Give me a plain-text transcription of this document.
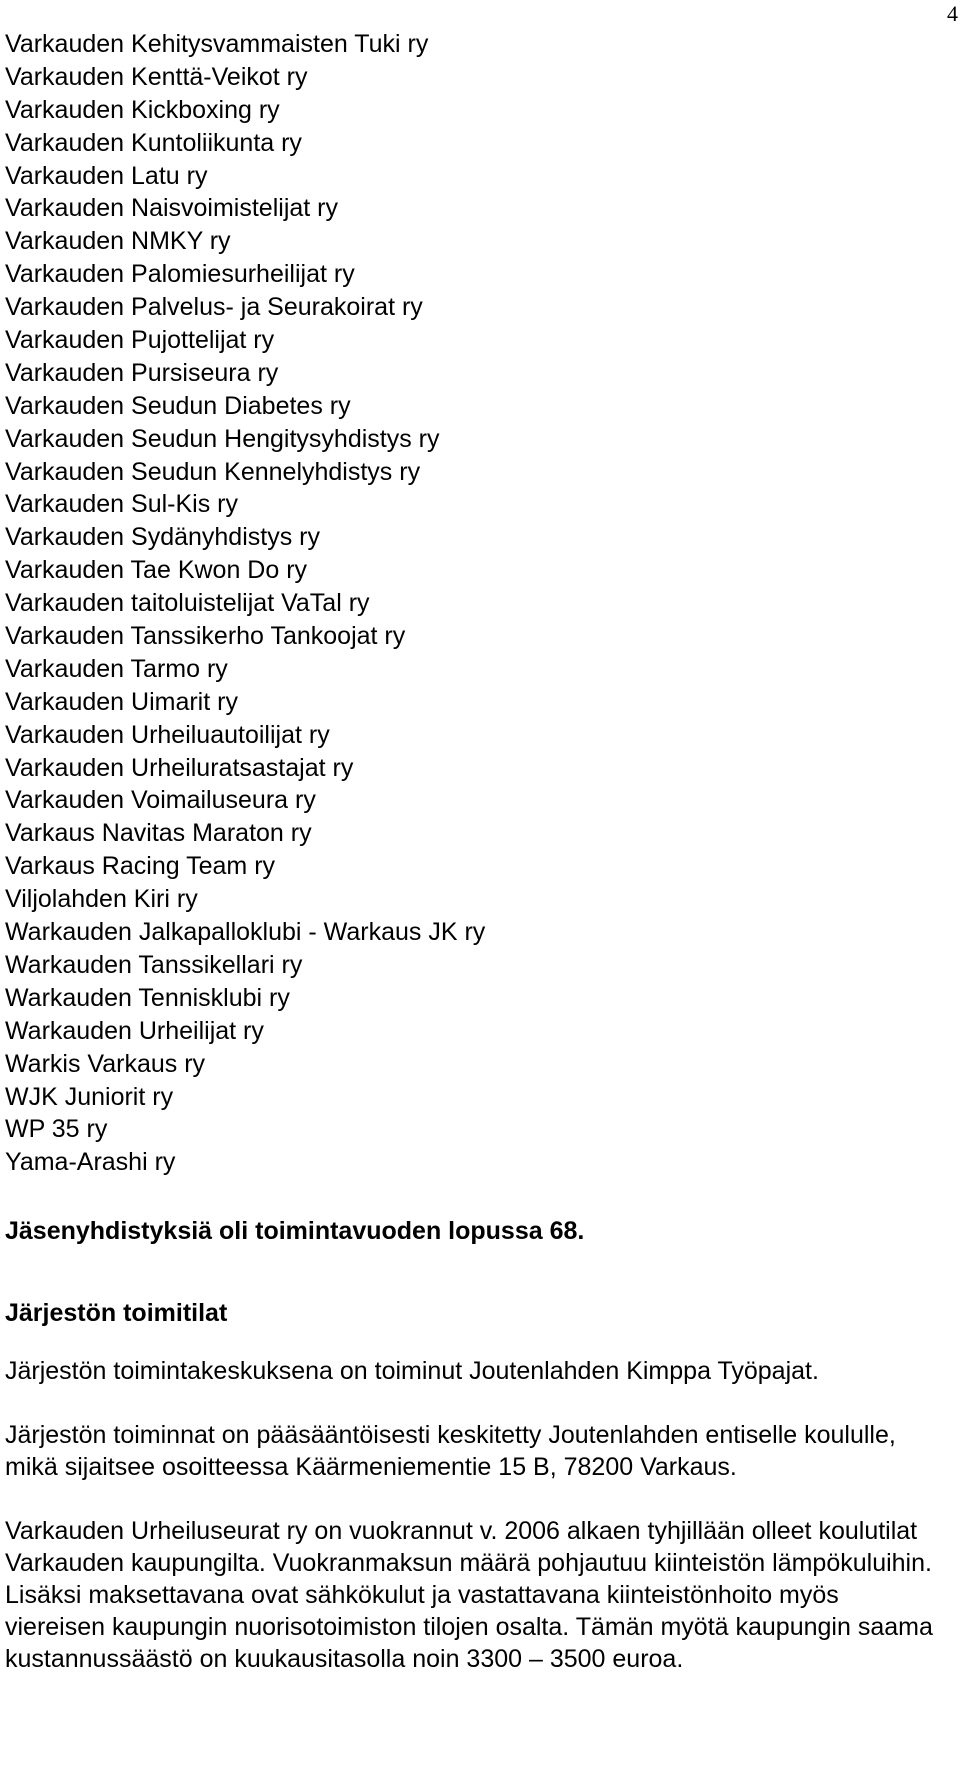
4
Varkauden Kehitysvammaisten Tuki ry
Varkauden Kenttä-Veikot ry
Varkauden Kickboxing ry
Varkauden Kuntoliikunta ry
Varkauden Latu ry
Varkauden Naisvoimistelijat ry
Varkauden NMKY ry
Varkauden Palomiesurheilijat ry
Varkauden Palvelus- ja Seurakoirat ry
Varkauden Pujottelijat ry
Varkauden Pursiseura ry
Varkauden Seudun Diabetes ry
Varkauden Seudun Hengitysyhdistys ry
Varkauden Seudun Kennelyhdistys ry
Varkauden Sul-Kis ry
Varkauden Sydänyhdistys ry
Varkauden Tae Kwon Do ry
Varkauden taitoluistelijat VaTal ry
Varkauden Tanssikerho Tankoojat ry
Varkauden Tarmo ry
Varkauden Uimarit ry
Varkauden Urheiluautoilijat ry
Varkauden Urheiluratsastajat ry
Varkauden Voimailuseura ry
Varkaus Navitas Maraton ry
Varkaus Racing Team ry
Viljolahden Kiri ry
Warkauden Jalkapalloklubi - Warkaus JK ry
Warkauden Tanssikellari ry
Warkauden Tennisklubi ry
Warkauden Urheilijat ry
Warkis Varkaus ry
WJK Juniorit ry
WP 35 ry
Yama-Arashi ry

Jäsenyhdistyksiä oli toimintavuoden lopussa 68.

Järjestön toimitilat

Järjestön toimintakeskuksena on toiminut Joutenlahden Kimppa Työpajat.

Järjestön toiminnat on pääsääntöisesti keskitetty Joutenlahden entiselle koululle, mikä sijaitsee osoitteessa Käärmeniementie 15 B, 78200 Varkaus.

Varkauden Urheiluseurat ry on vuokrannut v. 2006 alkaen tyhjillään olleet koulutilat Varkauden kaupungilta. Vuokranmaksun määrä pohjautuu kiinteistön lämpökuluihin. Lisäksi maksettavana ovat sähkökulut ja vastattavana kiinteistönhoito myös viereisen kaupungin nuorisotoimiston tilojen osalta. Tämän myötä kaupungin saama kustannussäästö on kuukausitasolla noin 3300 – 3500 euroa.
